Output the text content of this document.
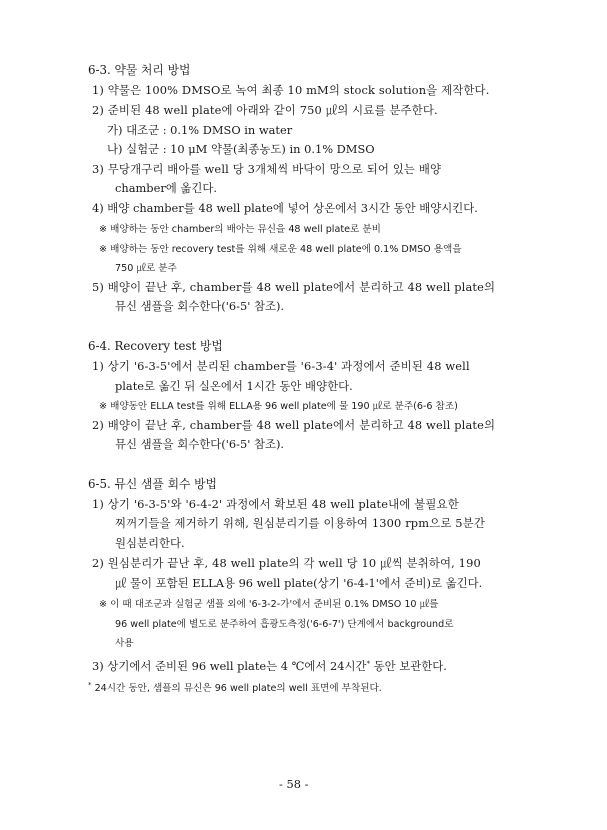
6-3. 약물 처리 방법
1) 약물은 100% DMSO로 녹여 최종 10 mM의 stock solution을 제작한다.
2) 준비된 48 well plate에 아래와 같이 750 ㎕의 시료를 분주한다.
가) 대조군 : 0.1% DMSO in water
나) 실험군 : 10 μM 약물(최종농도) in 0.1% DMSO
3) 무당개구리 배아를 well 당 3개체씩 바닥이 망으로 되어 있는 배양
chamber에 옮긴다.
4) 배양 chamber를 48 well plate에 넣어 상온에서 3시간 동안 배양시킨다.
※ 배양하는 동안 chamber의 배아는 뮤신을 48 well plate로 분비
※ 배양하는 동안 recovery test를 위해 새로운 48 well plate에 0.1% DMSO 용액을
750 ㎕로 분주
5) 배양이 끝난 후, chamber를 48 well plate에서 분리하고 48 well plate의
뮤신 샘플을 회수한다('6-5' 참조).
6-4. Recovery test 방법
1) 상기 '6-3-5'에서 분리된 chamber를 '6-3-4' 과정에서 준비된 48 well
plate로 옮긴 뒤 실온에서 1시간 동안 배양한다.
※ 배양동안 ELLA test를 위해 ELLA용 96 well plate에 물 190 ㎕로 분주(6-6 참조)
2) 배양이 끝난 후, chamber를 48 well plate에서 분리하고 48 well plate의
뮤신 샘플을 회수한다('6-5' 참조).
6-5. 뮤신 샘플 회수 방법
1) 상기 '6-3-5'와 '6-4-2' 과정에서 확보된 48 well plate내에 불필요한
찌꺼기들을 제거하기 위해, 원심분리기를 이용하여 1300 rpm으로 5분간
원심분리한다.
2) 원심분리가 끝난 후, 48 well plate의 각 well 당 10 ㎕씩 분취하여, 190
㎕ 물이 포함된 ELLA용 96 well plate(상기 '6-4-1'에서 준비)로 옮긴다.
※ 이 때 대조군과 실험군 샘플 외에 '6-3-2-가'에서 준비된 0.1% DMSO 10 ㎕를
96 well plate에 별도로 분주하여 흡광도측정('6-6-7') 단계에서 background로
사용
3) 상기에서 준비된 96 well plate는 4 ℃에서 24시간* 동안 보관한다.
* 24시간 동안, 샘플의 뮤신은 96 well plate의 well 표면에 부착된다.
- 58 -
